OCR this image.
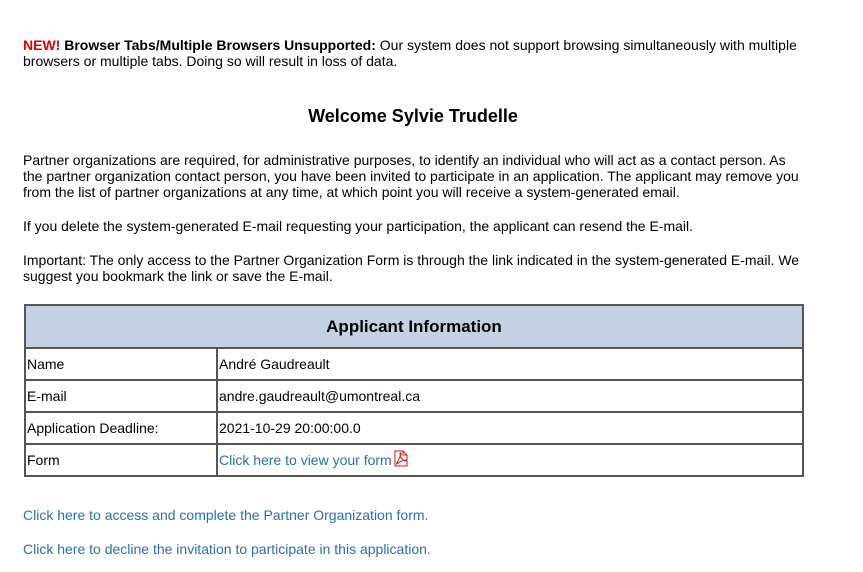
NEW! Browser Tabs/Multiple Browsers Unsupported: Our system does not support browsing simultaneously with multiple browsers or multiple tabs. Doing so will result in loss of data.

Welcome Sylvie Trudelle

Partner organizations are required, for administrative purposes, to identify an individual who will act as a contact person. As the partner organization contact person, you have been invited to participate in an application. The applicant may remove you from the list of partner organizations at any time, at which point you will receive a system-generated email.

If you delete the system-generated E-mail requesting your participation, the applicant can resend the E-mail.

Important: The only access to the Partner Organization Form is through the link indicated in the system-generated E-mail. We suggest you bookmark the link or save the E-mail.

Applicant Information	
Name	André Gaudreault
E-mail	andre.gaudreault@umontreal.ca
Application Deadline:	2021-10-29 20:00:00.0
Form	Click here to view your form
Click here to access and complete the Partner Organization form.
Click here to decline the invitation to participate in this application.
